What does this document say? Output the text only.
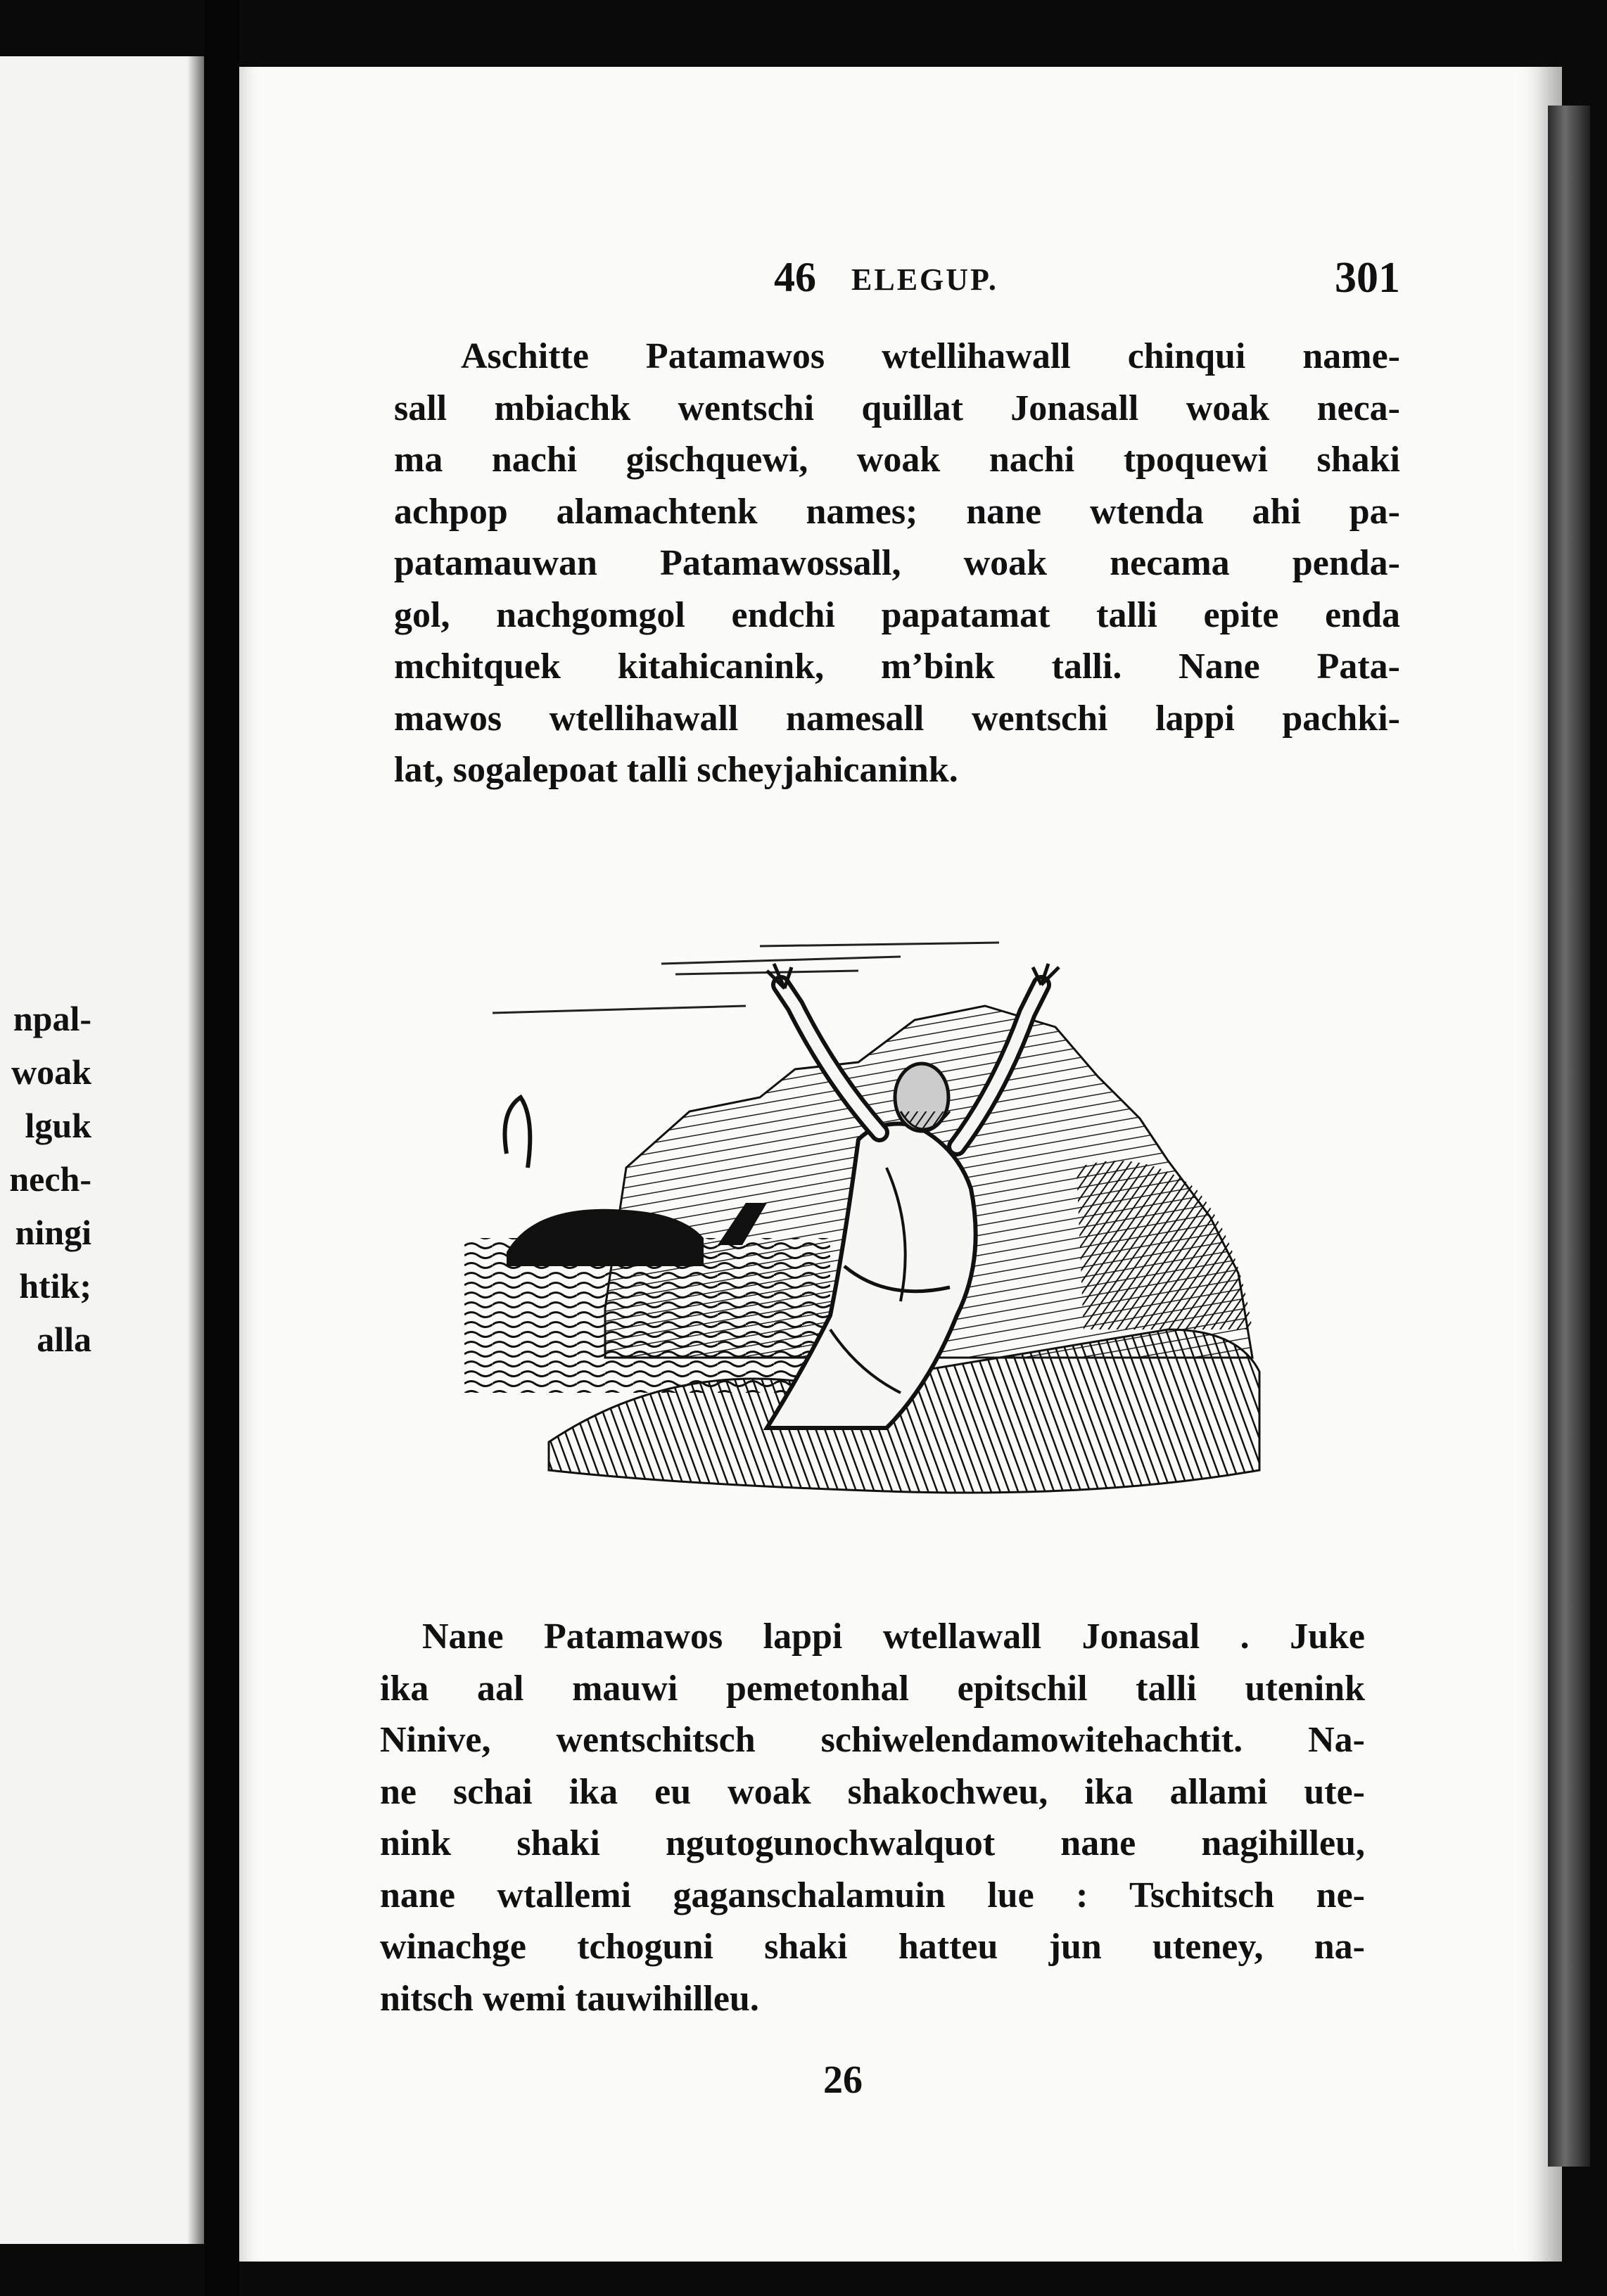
npal-
woak
lguk
nech-
ningi
htik;
alla
46 ELEGUP.	301
Aschitte Patamawos wtellihawall chinqui name-
sall mbiachk wentschi quillat Jonasall woak neca-
ma nachi gischquewi, woak nachi tpoquewi shaki
achpop alamachtenk names; nane wtenda ahi pa-
patamauwan Patamawossall, woak necama penda-
gol, nachgomgol endchi papatamat talli epite enda
mchitquek kitahicanink, m’bink talli. Nane Pata-
mawos wtellihawall namesall wentschi lappi pachki-
lat, sogalepoat talli scheyjahicanink.
Nane Patamawos lappi wtellawall Jonasal . Juke
ika aal mauwi pemetonhal epitschil talli utenink
Ninive, wentschitsch schiwelendamowitehachtit. Na-
ne schai ika eu woak shakochweu, ika allami ute-
nink shaki ngutogunochwalquot nane nagihilleu,
nane wtallemi gaganschalamuin lue : Tschitsch ne-
winachge tchoguni shaki hatteu jun uteney, na-
nitsch wemi tauwihilleu.
26
